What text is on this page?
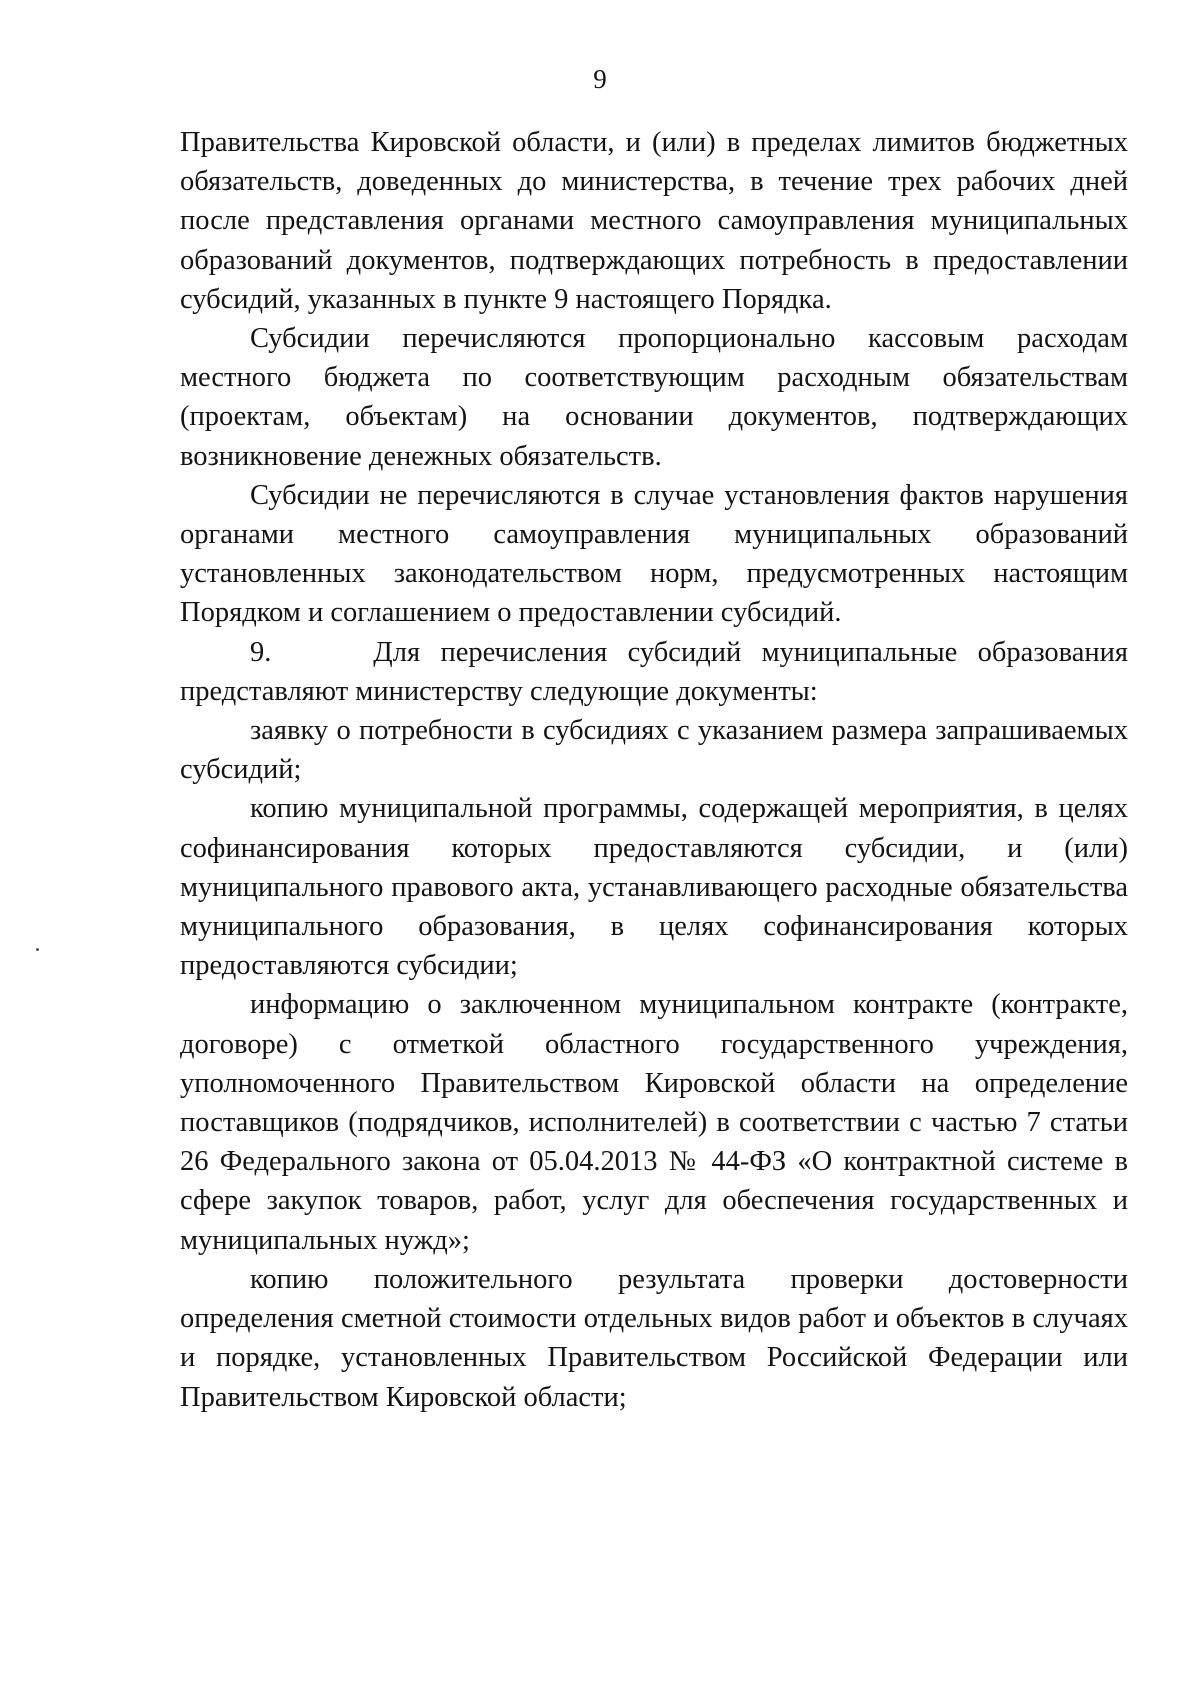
9

Правительства Кировской области, и (или) в пределах лимитов бюджетных обязательств, доведенных до министерства, в течение трех рабочих дней после представления органами местного самоуправления муниципальных образований документов, подтверждающих потребность в предоставлении субсидий, указанных в пункте 9 настоящего Порядка.

Субсидии перечисляются пропорционально кассовым расходам местного бюджета по соответствующим расходным обязательствам (проектам, объектам) на основании документов, подтверждающих возникновение денежных обязательств.

Субсидии не перечисляются в случае установления фактов нарушения органами местного самоуправления муниципальных образований установленных законодательством норм, предусмотренных настоящим Порядком и соглашением о предоставлении субсидий.

9.	Для перечисления субсидий муниципальные образования представляют министерству следующие документы:

заявку о потребности в субсидиях с указанием размера запрашиваемых субсидий;

копию муниципальной программы, содержащей мероприятия, в целях софинансирования которых предоставляются субсидии, и (или) муниципального правового акта, устанавливающего расходные обязательства муниципального образования, в целях софинансирования которых предоставляются субсидии;

информацию о заключенном муниципальном контракте (контракте, договоре) с отметкой областного государственного учреждения, уполномоченного Правительством Кировской области на определение поставщиков (подрядчиков, исполнителей) в соответствии с частью 7 статьи 26 Федерального закона от 05.04.2013 № 44-ФЗ «О контрактной системе в сфере закупок товаров, работ, услуг для обеспечения государственных и муниципальных нужд»;

копию положительного результата проверки достоверности определения сметной стоимости отдельных видов работ и объектов в случаях и порядке, установленных Правительством Российской Федерации или Правительством Кировской области;
